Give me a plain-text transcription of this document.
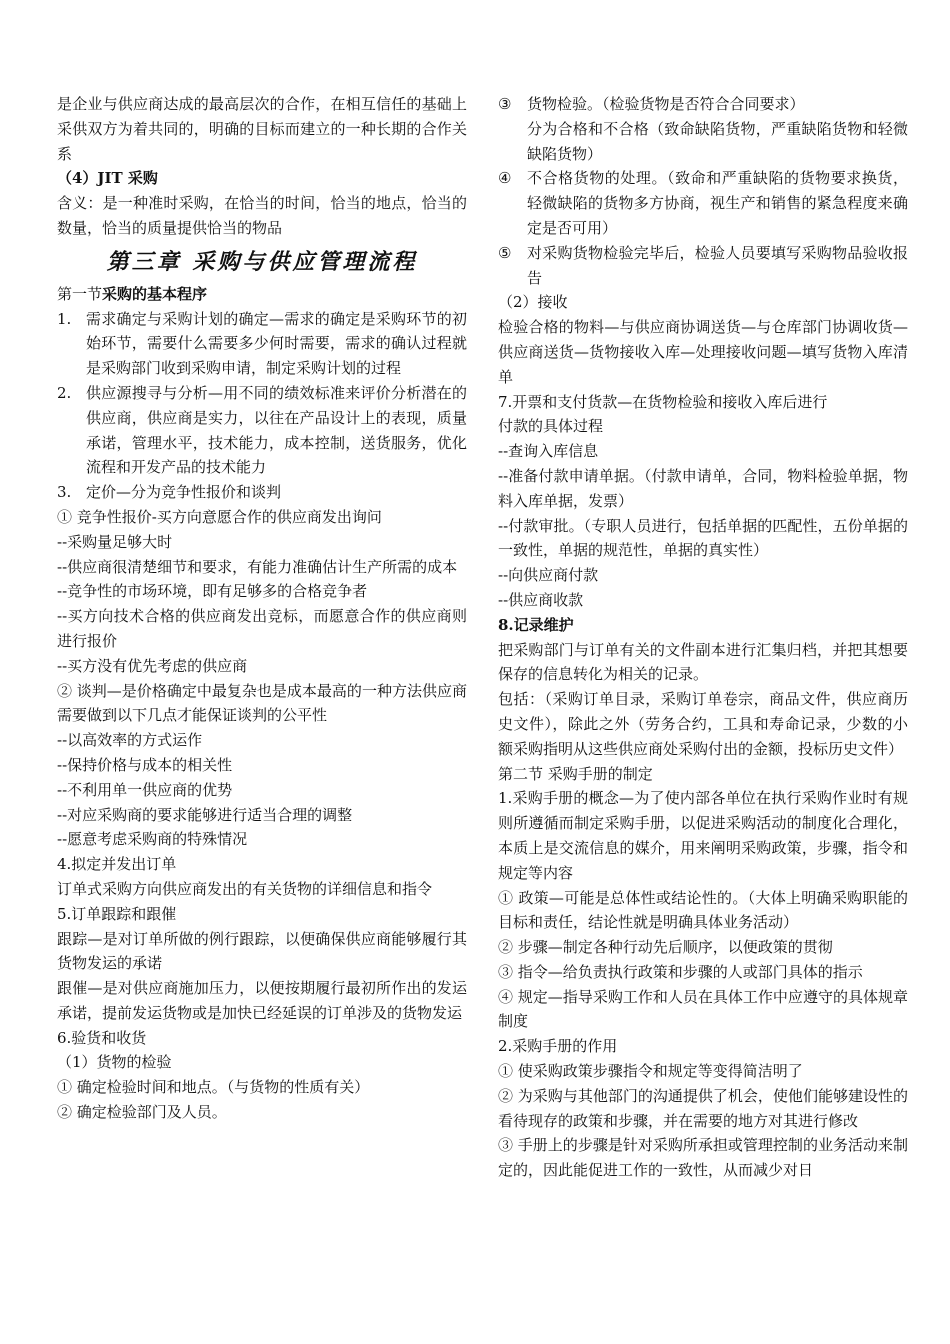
是企业与供应商达成的最高层次的合作，在相互信任的基础上采供双方为着共同的，明确的目标而建立的一种长期的合作关系

（4）JIT 采购

含义：是一种准时采购，在恰当的时间，恰当的地点，恰当的数量，恰当的质量提供恰当的物品

第三章 采购与供应管理流程

第一节采购的基本程序

1. 需求确定与采购计划的确定—需求的确定是采购环节的初始环节，需要什么需要多少何时需要，需求的确认过程就是采购部门收到采购申请，制定采购计划的过程
2. 供应源搜寻与分析—用不同的绩效标准来评价分析潜在的供应商，供应商是实力，以往在产品设计上的表现，质量承诺，管理水平，技术能力，成本控制，送货服务，优化流程和开发产品的技术能力
3. 定价—分为竞争性报价和谈判

① 竞争性报价-买方向意愿合作的供应商发出询问

--采购量足够大时

--供应商很清楚细节和要求，有能力准确估计生产所需的成本

--竞争性的市场环境，即有足够多的合格竞争者

--买方向技术合格的供应商发出竞标，而愿意合作的供应商则进行报价

--买方没有优先考虑的供应商

② 谈判—是价格确定中最复杂也是成本最高的一种方法供应商需要做到以下几点才能保证谈判的公平性

--以高效率的方式运作

--保持价格与成本的相关性

--不利用单一供应商的优势

--对应采购商的要求能够进行适当合理的调整

--愿意考虑采购商的特殊情况

4.拟定并发出订单

订单式采购方向供应商发出的有关货物的详细信息和指令

5.订单跟踪和跟催

跟踪—是对订单所做的例行跟踪，以便确保供应商能够履行其货物发运的承诺

跟催—是对供应商施加压力，以便按期履行最初所作出的发运承诺，提前发运货物或是加快已经延误的订单涉及的货物发运

6.验货和收货

（1）货物的检验

① 确定检验时间和地点。（与货物的性质有关）

② 确定检验部门及人员。

③	货物检验。（检验货物是否符合合同要求）

分为合格和不合格（致命缺陷货物，严重缺陷货物和轻微缺陷货物）

④	不合格货物的处理。（致命和严重缺陷的货物要求换货，轻微缺陷的货物多方协商，视生产和销售的紧急程度来确定是否可用）
⑤	对采购货物检验完毕后，检验人员要填写采购物品验收报告

（2）接收

检验合格的物料—与供应商协调送货—与仓库部门协调收货—供应商送货—货物接收入库—处理接收问题—填写货物入库清单

7.开票和支付货款—在货物检验和接收入库后进行

付款的具体过程

--查询入库信息

--准备付款申请单据。（付款申请单，合同，物料检验单据，物料入库单据，发票）

--付款审批。（专职人员进行，包括单据的匹配性，五份单据的一致性，单据的规范性，单据的真实性）

--向供应商付款

--供应商收款

8.记录维护

把采购部门与订单有关的文件副本进行汇集归档，并把其想要保存的信息转化为相关的记录。

包括：（采购订单目录，采购订单卷宗，商品文件，供应商历史文件），除此之外（劳务合约，工具和寿命记录，少数的小额采购指明从这些供应商处采购付出的金额，投标历史文件）

第二节 采购手册的制定

1.采购手册的概念—为了使内部各单位在执行采购作业时有规则所遵循而制定采购手册，以促进采购活动的制度化合理化，本质上是交流信息的媒介，用来阐明采购政策，步骤，指令和规定等内容

① 政策—可能是总体性或结论性的。（大体上明确采购职能的目标和责任，结论性就是明确具体业务活动）

② 步骤—制定各种行动先后顺序，以便政策的贯彻

③ 指令—给负责执行政策和步骤的人或部门具体的指示

④ 规定—指导采购工作和人员在具体工作中应遵守的具体规章制度

2.采购手册的作用

① 使采购政策步骤指令和规定等变得简洁明了

② 为采购与其他部门的沟通提供了机会，使他们能够建设性的看待现存的政策和步骤，并在需要的地方对其进行修改

③ 手册上的步骤是针对采购所承担或管理控制的业务活动来制定的，因此能促进工作的一致性，从而减少对日
